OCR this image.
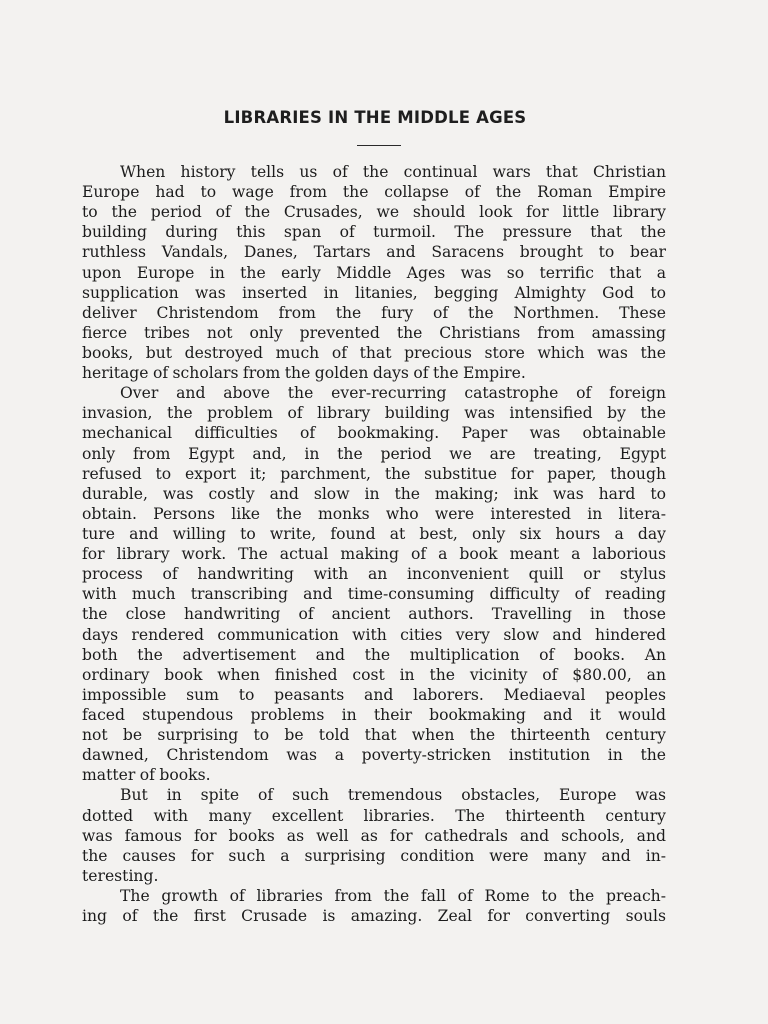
LIBRARIES IN THE MIDDLE AGES
When history tells us of the continual wars that Christian
Europe had to wage from the collapse of the Roman Empire
to the period of the Crusades, we should look for little library
building during this span of turmoil. The pressure that the
ruthless Vandals, Danes, Tartars and Saracens brought to bear
upon Europe in the early Middle Ages was so terrific that a
supplication was inserted in litanies, begging Almighty God to
deliver Christendom from the fury of the Northmen. These
fierce tribes not only prevented the Christians from amassing
books, but destroyed much of that precious store which was the
heritage of scholars from the golden days of the Empire.
Over and above the ever-recurring catastrophe of foreign
invasion, the problem of library building was intensified by the
mechanical difficulties of bookmaking. Paper was obtainable
only from Egypt and, in the period we are treating, Egypt
refused to export it; parchment, the substitue for paper, though
durable, was costly and slow in the making; ink was hard to
obtain. Persons like the monks who were interested in litera-
ture and willing to write, found at best, only six hours a day
for library work. The actual making of a book meant a laborious
process of handwriting with an inconvenient quill or stylus
with much transcribing and time-consuming difficulty of reading
the close handwriting of ancient authors. Travelling in those
days rendered communication with cities very slow and hindered
both the advertisement and the multiplication of books. An
ordinary book when finished cost in the vicinity of $80.00, an
impossible sum to peasants and laborers. Mediaeval peoples
faced stupendous problems in their bookmaking and it would
not be surprising to be told that when the thirteenth century
dawned, Christendom was a poverty-stricken institution in the
matter of books.
But in spite of such tremendous obstacles, Europe was
dotted with many excellent libraries. The thirteenth century
was famous for books as well as for cathedrals and schools, and
the causes for such a surprising condition were many and in-
teresting.
The growth of libraries from the fall of Rome to the preach-
ing of the first Crusade is amazing. Zeal for converting souls
